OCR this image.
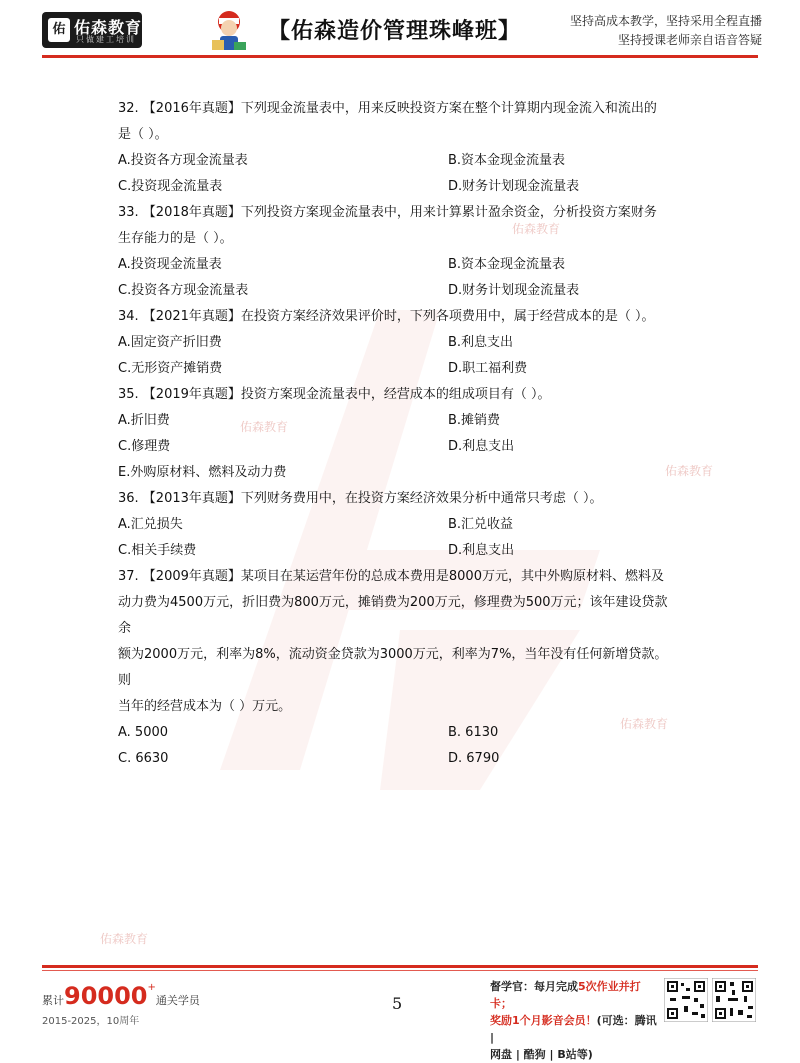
佑 佑森教育
只做建工培训	【佑森造价管理珠峰班】	坚持高成本教学，坚持采用全程直播
坚持授课老师亲自语音答疑
佑森教育
佑森教育
佑森教育
佑森教育
佑森教育

32. 【2016年真题】下列现金流量表中，用来反映投资方案在整个计算期内现金流入和流出的

是（ ）。

A.投资各方现金流量表	B.资本金现金流量表
C.投资现金流量表	D.财务计划现金流量表

33. 【2018年真题】下列投资方案现金流量表中，用来计算累计盈余资金，分析投资方案财务

生存能力的是（ ）。

A.投资现金流量表	B.资本金现金流量表
C.投资各方现金流量表	D.财务计划现金流量表

34. 【2021年真题】在投资方案经济效果评价时，下列各项费用中，属于经营成本的是（ ）。

A.固定资产折旧费	B.利息支出
C.无形资产摊销费	D.职工福利费

35. 【2019年真题】投资方案现金流量表中，经营成本的组成项目有（ ）。

A.折旧费	B.摊销费
C.修理费	D.利息支出
E.外购原材料、燃料及动力费

36. 【2013年真题】下列财务费用中，在投资方案经济效果分析中通常只考虑（ ）。

A.汇兑损失	B.汇兑收益
C.相关手续费	D.利息支出

37. 【2009年真题】某项目在某运营年份的总成本费用是8000万元，其中外购原材料、燃料及

动力费为4500万元，折旧费为800万元，摊销费为200万元，修理费为500万元；该年建设贷款余

额为2000万元，利率为8%，流动资金贷款为3000万元，利率为7%，当年没有任何新增贷款。则

当年的经营成本为（ ）万元。

A. 5000	B. 6130
C. 6630	D. 6790
累计90000+通关学员
2015-2025，10周年
5
督学官：每月完成5次作业并打卡；
奖励1个月影音会员！(可选：腾讯 |
网盘 | 酷狗 | B站等)
